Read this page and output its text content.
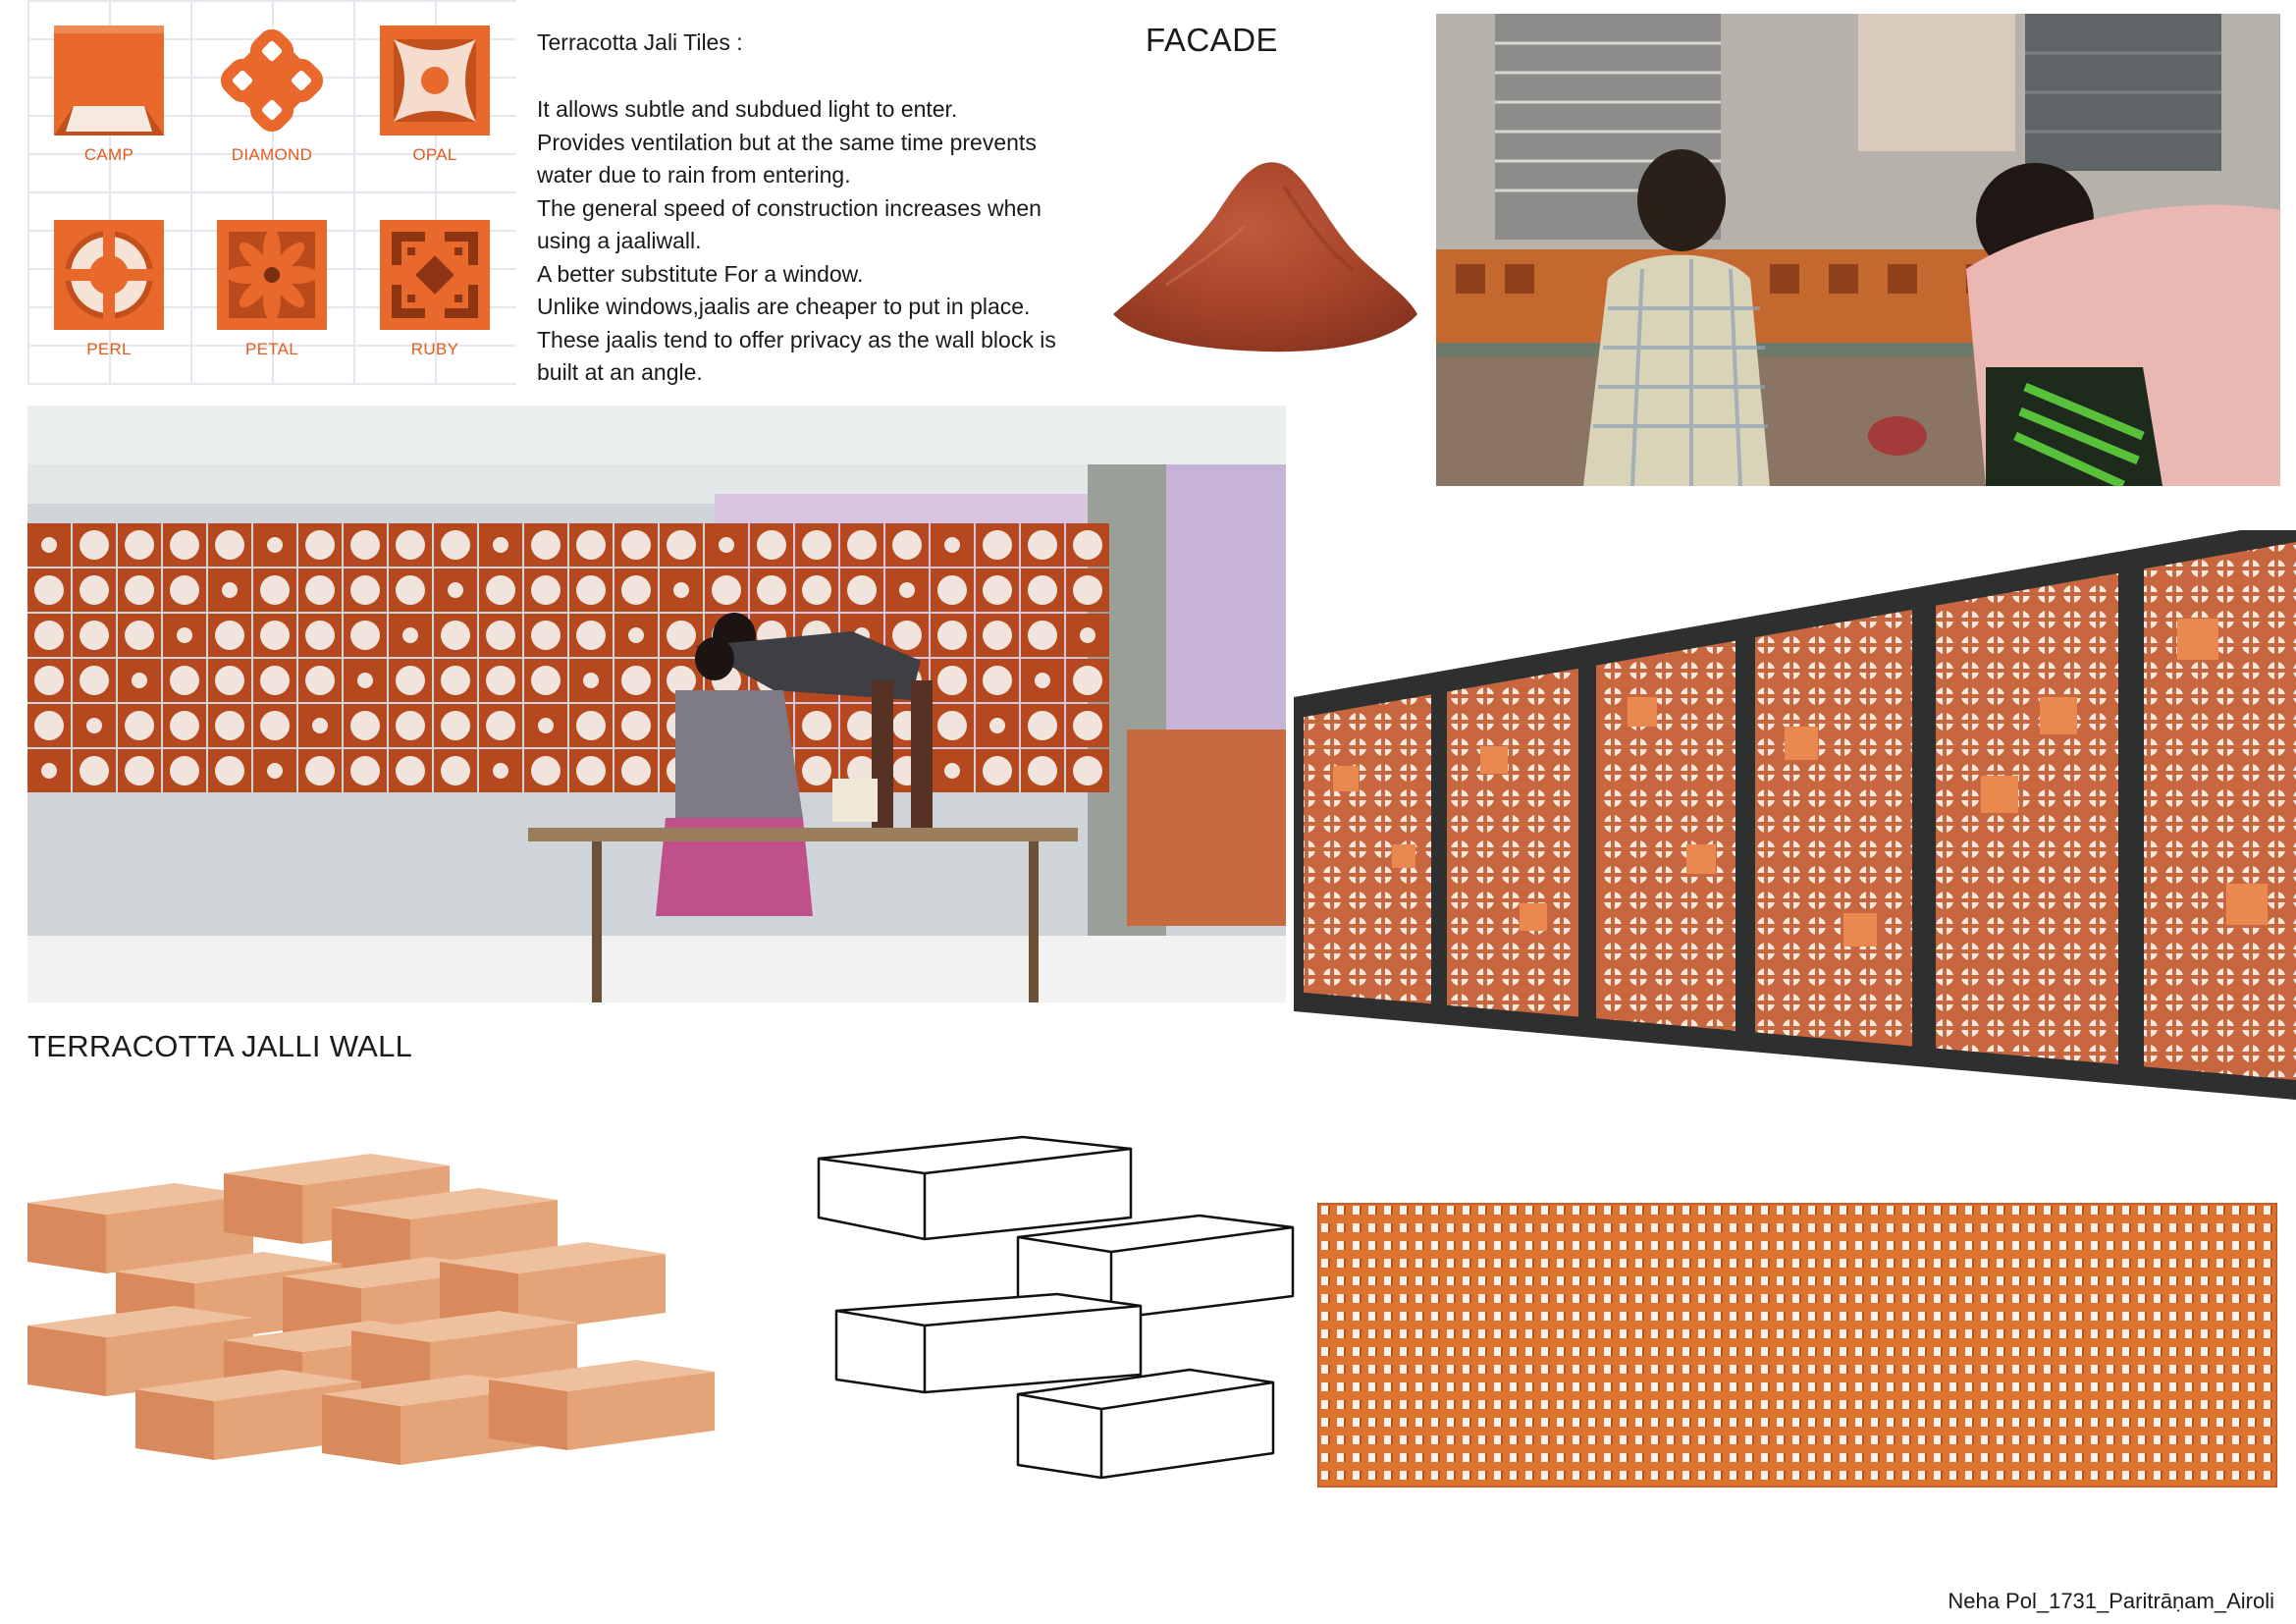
CAMP	DIAMOND	OPAL
PERL	PETAL	RUBY
Terracotta Jali Tiles :
It allows subtle and subdued light to enter.
Provides ventilation but at the same time prevents
water due to rain from entering.
The general speed of construction increases when
using a jaaliwall.
A better substitute For a window.
Unlike windows,jaalis are cheaper to put in place.
These jaalis tend to offer privacy as the wall block is
built at an angle.
FACADE
TERRACOTTA JALLI WALL
Neha Pol_1731_Paritrāṇam_Airoli
